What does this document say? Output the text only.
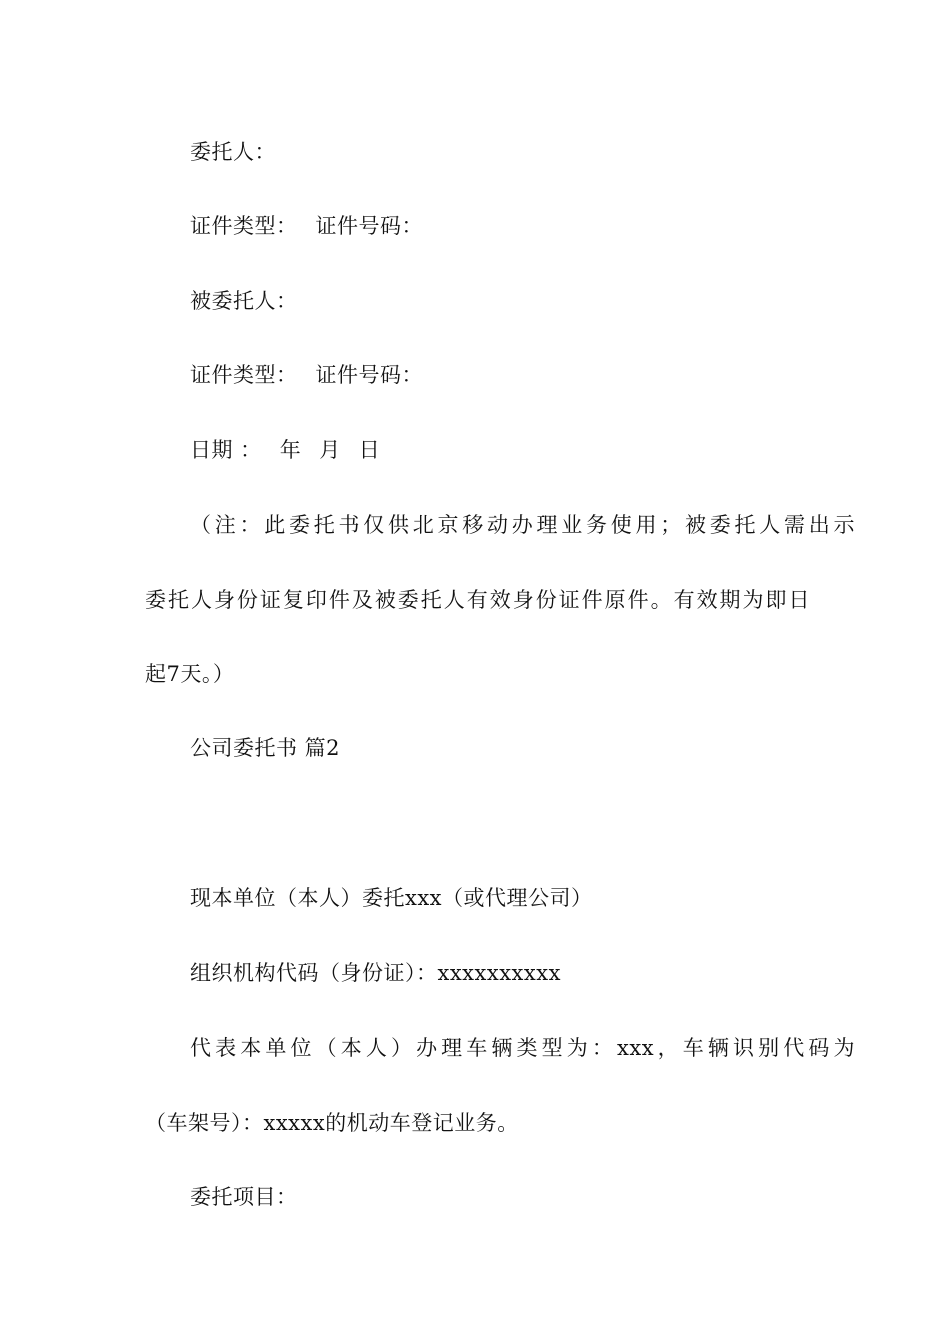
委托人：
证件类型： 证件号码：
被委托人：
证件类型： 证件号码：
日期 ： 年 月 日
（注：此委托书仅供北京移动办理业务使用；被委托人需出示
委托人身份证复印件及被委托人有效身份证件原件。有效期为即日
起7天。）
公司委托书 篇2
现本单位（本人）委托xxx（或代理公司）
组织机构代码（身份证）：xxxxxxxxxx
代表本单位（本人）办理车辆类型为：xxx，车辆识别代码为
（车架号）：xxxxx的机动车登记业务。
委托项目：
